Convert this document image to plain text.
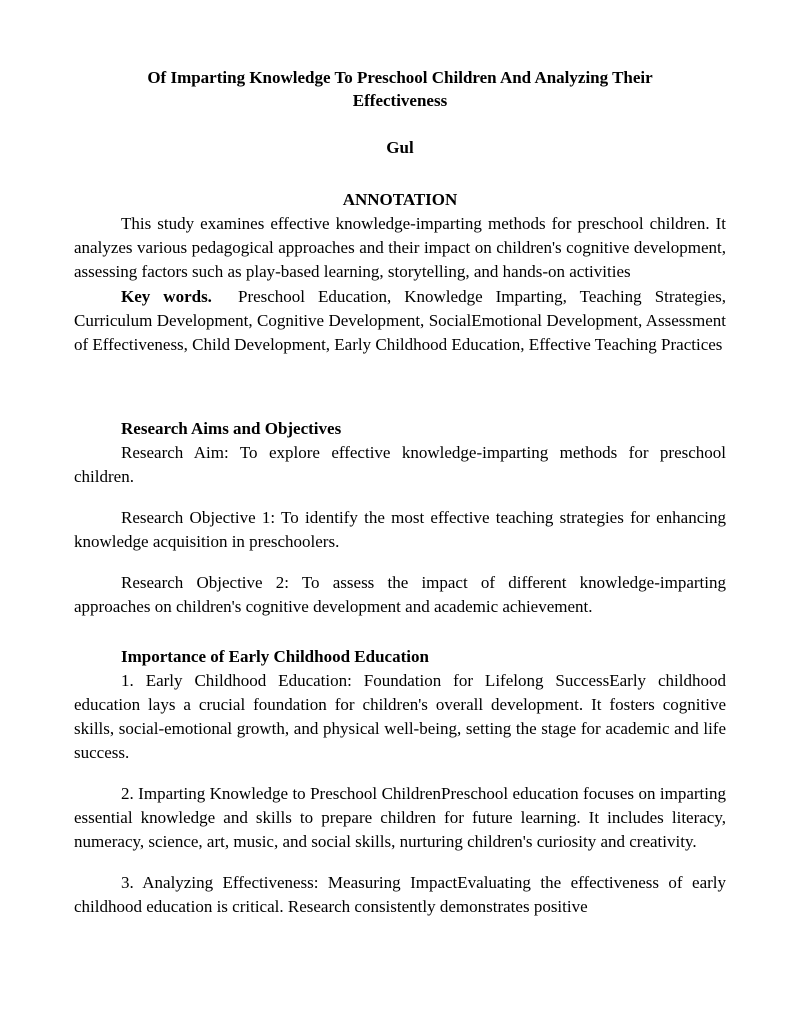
Of Imparting Knowledge To Preschool Children And Analyzing Their Effectiveness
Gul
ANNOTATION

This study examines effective knowledge-imparting methods for preschool children. It analyzes various pedagogical approaches and their impact on children's cognitive development, assessing factors such as play-based learning, storytelling, and hands-on activities

Key words. Preschool Education, Knowledge Imparting, Teaching Strategies, Curriculum Development, Cognitive Development, SocialEmotional Development, Assessment of Effectiveness, Child Development, Early Childhood Education, Effective Teaching Practices

Research Aims and Objectives

Research Aim: To explore effective knowledge-imparting methods for preschool children.

Research Objective 1: To identify the most effective teaching strategies for enhancing knowledge acquisition in preschoolers.

Research Objective 2: To assess the impact of different knowledge-imparting approaches on children's cognitive development and academic achievement.

Importance of Early Childhood Education

1. Early Childhood Education: Foundation for Lifelong SuccessEarly childhood education lays a crucial foundation for children's overall development. It fosters cognitive skills, social-emotional growth, and physical well-being, setting the stage for academic and life success.

2. Imparting Knowledge to Preschool ChildrenPreschool education focuses on imparting essential knowledge and skills to prepare children for future learning. It includes literacy, numeracy, science, art, music, and social skills, nurturing children's curiosity and creativity.

3. Analyzing Effectiveness: Measuring ImpactEvaluating the effectiveness of early childhood education is critical. Research consistently demonstrates positive
